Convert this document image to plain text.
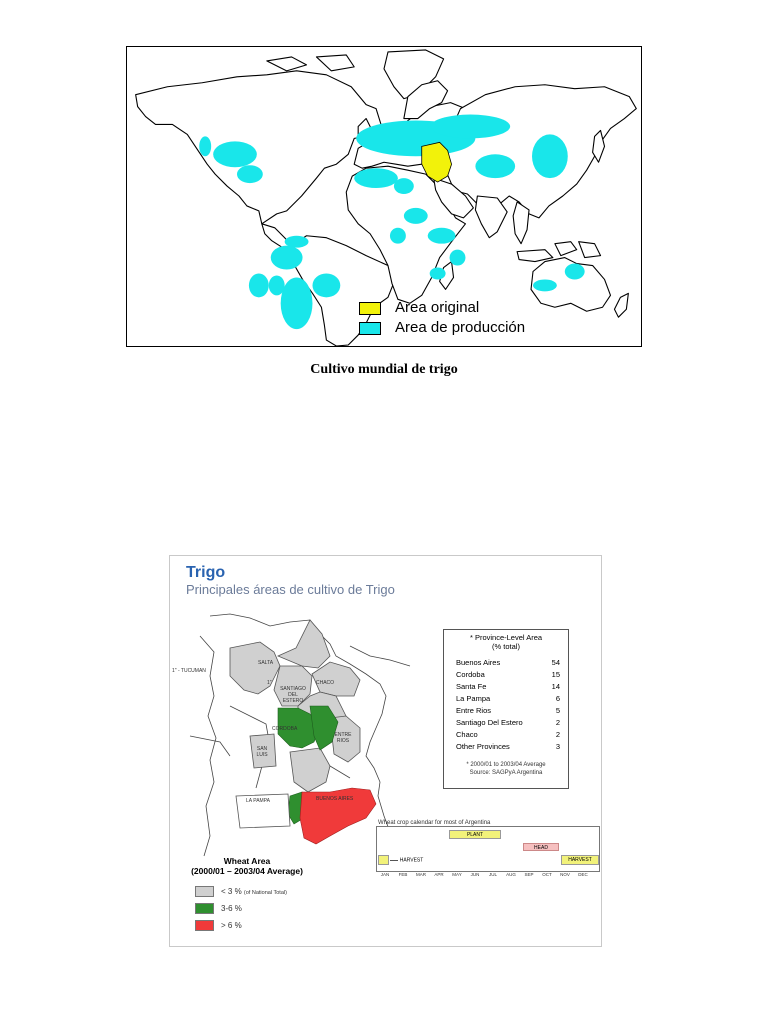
Area original
Area de producción
Cultivo mundial de trigo
Trigo
Principales áreas de cultivo de Trigo
1" - TUCUMAN
SALTA
1"
SANTIAGO DEL ESTERO
CHACO
CORDOBA
ENTRE RIOS
SAN LUIS
LA PAMPA	BUENOS AIRES
* Province-Level Area
(% total)
Buenos Aires	54
Cordoba	15
Santa Fe	14
La Pampa	6
Entre Rios	5
Santiago Del Estero	2
Chaco	2
Other Provinces	3
* 2000/01 to 2003/04 Average
Source: SAGPyA Argentina
Wheat Area
(2000/01 – 2003/04 Average)
< 3 % (of National Total)
3-6 %
> 6 %
Wheat crop calendar for most of Argentina
PLANT
HEAD
HARVEST
HARVEST
JAN	FEB	MAR	APR	MAY	JUN	JUL	AUG	SEP	OCT	NOV	DEC
